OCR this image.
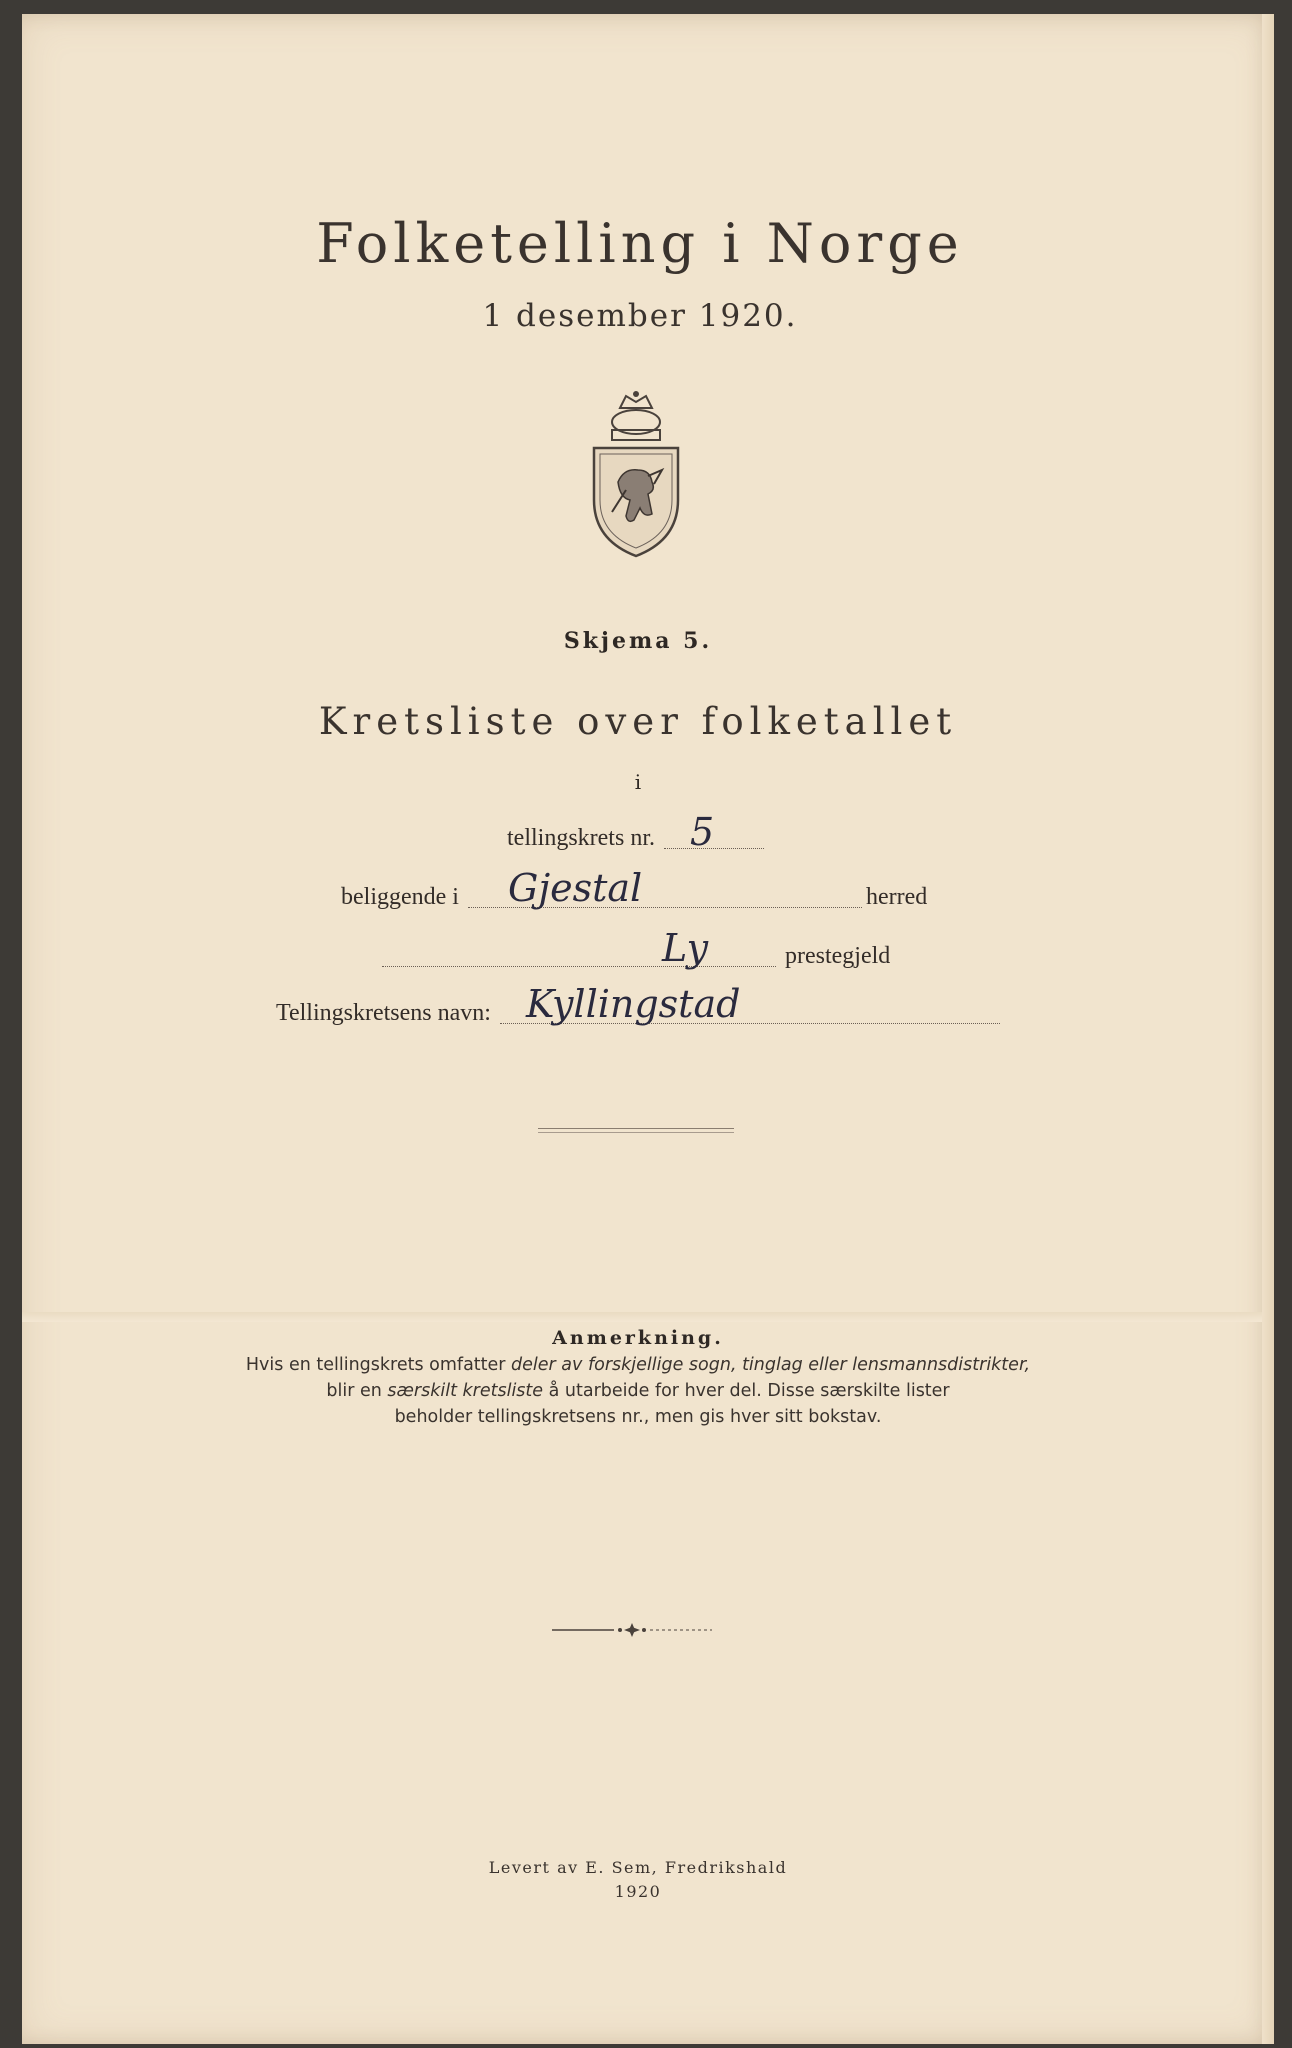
Folketelling i Norge
1 desember 1920.
Skjema 5.
Kretsliste over folketallet
i
tellingskrets nr. 5
beliggende i Gjestal	herred
Ly	prestegjeld
Tellingskretsens navn: Kyllingstad
Anmerkning.
Hvis en tellingskrets omfatter deler av forskjellige sogn, tinglag eller lensmannsdistrikter,
blir en særskilt kretsliste å utarbeide for hver del. Disse særskilte lister
beholder tellingskretsens nr., men gis hver sitt bokstav.
Levert av E. Sem, Fredrikshald
1920
